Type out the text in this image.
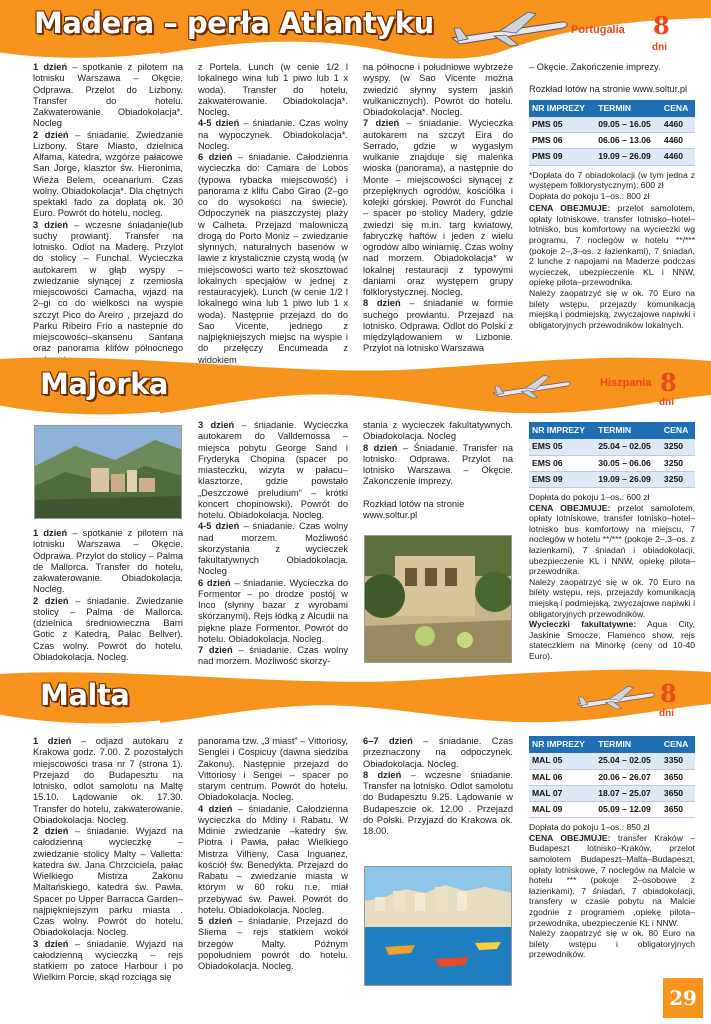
Madera – perła Atlantyku	Portugalia 8
dni

1 dzień – spotkanie z pilotem na lotnisku Warszawa – Okęcie. Odprawa. Przelot do Lizbony. Transfer do hotelu. Zakwaterowanie. Obiadokolacja*. Nocleg

2 dzień – śniadanie. Zwiedzanie Lizbony. Stare Miasto, dzielnica Alfama, katedra, wzgórze pałacowe San Jorge, klasztor św. Hieronima, Wieża Belem, oceanarium. Czas wolny. Obiadokolacja*. Dla chętnych spektakl fado za dopłatą ok. 30 Euro. Powrót do hotelu, nocleg.

3 dzień – wczesne śniadanie(lub suchy prowiant). Transfer na lotnisko. Odlot na Maderę. Przylot do stolicy – Funchal. Wycieczka autokarem w głąb wyspy – zwiedzanie słynącej z rzemiosła miejscowości Camacha, wjazd na 2–gi co do wielkości na wyspie szczyt Pico do Areiro , przejazd do Parku Ribeiro Frio a nastepnie do miejscowości–skansenu Santana oraz panorama klifów północnego

z Portela. Lunch (w cenie 1/2 l lokalnego wina lub 1 piwo lub 1 x woda). Transfer do hotelu, zakwaterowanie. Obiadokolacja*. Nocleg.

4-5 dzień – śniadanie. Czas wolny na wypoczynek. Obiadokolacja*. Nocleg.

6 dzień – śniadanie. Całodzienna wycieczka do: Camara de Lobos (typowa rybacka miejscowość) i panorama z klifu Cabo Girao (2–go co do wysokości na świecie). Odpoczynek na piaszczystej plaży w Calheta. Przejazd malowniczą drogą do Porto Moniz – zwiedzanie słynnych, naturalnych basenów w lawie z krystalicznie czystą wodą (w miejscowości warto też skosztować lokalnych specjałów w jednej z restauracyjek). Lunch (w cenie 1/2 l lokalnego wina lub 1 piwo lub 1 x woda). Następnie przejazd do do Sao Vicente, jednego z najpiękniejszych miejsc na wyspie i do przełęczy Encumeada z widokiem

na północne i południowe wybrzeże wyspy. (w Sao Vicente można zwiedzić słynny system jaskiń wulkanicznych). Powrót do hotelu. Obiadokolacja*. Nocleg.

7 dzień – śniadanie. Wycieczka autokarem na szczyt Eira do Serrado, gdzie w wygasłym wulkanie znajduje się maleńka wioska (panorama), a następnie do Monte – miejscowości słynącej z przepięknych ogrodów, kościółka i kolejki górskiej. Powrót do Funchal – spacer po stolicy Madery, gdzie zwiedzi się m.in. targ kwiatowy, fabryczkę haftów i jeden z wielu ogrodów albo winiarnię. Czas wolny nad morzem. Obiadokolacja* w lokalnej restauracji z typowymi daniami oraz występem grupy folklorystycznej. Nocleg.

8 dzień – śniadanie w formie suchego prowiantu. Przejazd na lotnisko. Odprawa. Odlot do Polski z międzylądowaniem w Lizbonie. Przylot na lotnisko Warszawa

– Okęcie. Zakończenie imprezy.

Rozkład lotów na stronie www.soltur.pl

NR IMPREZY	TERMIN	CENA
PMS 05	09.05 – 16.05	4460
PMS 06	06.06 – 13.06	4460
PMS 09	19.09 – 26.09	4460

*Dopłata do 7 obiadokolacji (w tym jedna z występem folklorystycznym): 600 zł

Dopłata do pokoju 1–os.: 800 zł

CENA OBEJMUJE: przelot samolotem, opłaty lotniskowe, transfer lotnisko–hotel–lotnisko, bus komfortowy na wycieczki wg programu, 7 noclegów w hotelu **/*** (pokoje 2–,3–os. z łazienkami), 7 śniadań, 2 lunche z napojami na Maderze podczas wycieczek, ubezpieczenie KL i NNW, opiekę pilota–przewodnika.

Należy zaopatrzyć się w ok. 70 Euro na bilety wstępu, przejazdy komunikacją miejską i podmiejską, zwyczajowe napiwki i obligatoryjnych przewodników lokalnych.

Majorka	Hiszpania 8
dni

1 dzień – spotkanie z pilotem na lotnisku Warszawa – Okęcie. Odprawa. Przylot do stolicy – Palma de Mallorca. Transfer do hotelu, zakwaterowanie. Obiadokolacja. Nocleg.

2 dzień – śniadanie. Zwiedzanie stolicy – Palma de Mallorca. (dzielnica średniowieczna Barri Gotic z Katedrą, Pałac Bellver). Czas wolny. Powrót do hotelu. Obiadokolacja. Nocleg.

3 dzień – śniadanie. Wycieczka autokarem do Valldemossa – miejsca pobytu George Sand i Fryderyka Chopina (spacer po miasteczku, wizyta w pałacu–klasztorze, gdzie powstało „Deszczowe preludium” – krótki koncert chopinowski). Powrót do hotelu. Obiadokolacja. Nocleg.

4-5 dzień – śniadanie. Czas wolny nad morzem. Możliwość skorzystania z wycieczek fakultatywnych Obiadokolacja. Nocleg

6 dzień – śniadanie. Wycieczka do Formentor – po drodze postój w Inco (słynny bazar z wyrobami skórzanymi). Rejs łódką z Alcudii na piękne plaże Formentor. Powrót do hotelu. Obiadokolacja. Nocleg.

7 dzień – śniadanie. Czas wolny nad morzem. Możliwość skorzy-

stania z wycieczek fakultatywnych. Obiadokolacja. Nocleg

8 dzień – Śniadanie. Transfer na lotnisko. Odprawa. Przylot na lotnisko Warszawa – Okęcie. Zakonczenie imprezy.

Rozkład lotów na stronie www.soltur.pl

NR IMPREZY	TERMIN	CENA
EMS 05	25.04 – 02.05	3250
EMS 06	30.05 – 06.06	3250
EMS 09	19.09 – 26.09	3250

Dopłata do pokoju 1–os.: 600 zł

CENA OBEJMUJE: przelot samolotem, opłaty lotniskowe, transfer lotnisko–hotel–lotnisko bus komfortowy na miejscu, 7 noclegów w hotelu **/*** (pokoje 2–,3–os. z łazienkami), 7 śniadań i obiadokolacji, ubezpieczenie KL i NNW, opiekę pilota–przewodnika.

Należy zaopatrzyć się w ok. 70 Euro na bilety wstępu, rejs, przejazdy komunikacją miejską i podmiejską, zwyczajowe napiwki i obligatoryjnych przewodników.

Wycieczki fakultatywne: Aqua City, Jaskinie Smocze, Flamenco show, rejs stateczkiem na Minorkę (ceny od 10-40 Euro).

Malta	8
dni

1 dzień – odjazd autokaru z Krakowa godz. 7.00. Z pozostałych miejscowości trasa nr 7 (strona 1). Przejazd do Budapesztu na lotnisko, odlot samolotu na Maltę 15.10. Lądowanie ok. 17.30. Transfer do hotelu, zakwaterowanie. Obiadokolacja. Nocleg.

2 dzień – śniadanie. Wyjazd na całodzienną wycieczkę – zwiedzanie stolicy Malty – Valletta: katedra św. Jana Chrzciciela, pałac Wielkiego Mistrza Zakonu Maltańskiego, katedra św. Pawła. Spacer po Upper Barracca Garden– najpiękniejszym parku miasta . Czas wolny. Powrót do hotelu. Obiadokolacja. Nocleg.

3 dzień – śniadanie. Wyjazd na całodzienną wycieczką – rejs statkiem po zatoce Harbour i po Wielkim Porcie, skąd rozciąga się

panorama tzw. „3 miast” – Vittoriosy, Senglei i Cospicuy (dawna siedziba Zakonu). Następnie przejazd do Vittoriosy i Sengei – spacer po starym centrum. Powrót do hotelu. Obiadokolacja. Nocleg.

4 dzień – śniadanie. Całodzienna wycieczka do Mdiny i Rabatu. W Mdinie zwiedzanie –katedry św. Piotra i Pawła, pałac Wielkiego Mistrza Vilheny, Casa Inguanez, kościół św. Benedykta. Przejazd do Rabatu – zwiedzanie miasta w którym w 60 roku n.e. miał przebywać św. Paweł. Powrót do hotelu. Obiadokolacja. Nocleg.

5 dzień – śniadanie. Przejazd do Sliema – rejs statkiem wokół brzegów Malty. Późnym popołudniem powrót do hotelu. Obiadokolacja. Nocleg.

6–7 dzień – śniadanie. Czas przeznaczony na odpoczynek. Obiadokolacja. Nocleg.

8 dzień – wczesne śniadanie. Transfer na lotnisko. Odlot samolotu do Budapesztu 9.25. Lądowanie w Budapeszcie ok. 12.00 . Przejazd do Polski. Przyjazd do Krakowa ok. 18.00.

NR IMPREZY	TERMIN	CENA
MAL 05	25.04 – 02.05	3350
MAL 06	20.06 – 26.07	3650
MAL 07	18.07 – 25.07	3650
MAL 09	05.09 – 12.09	3650

Dopłata do pokoju 1–os.: 850 zł

CENA OBEJMUJE: transfer Kraków – Budapeszt lotnisko–Kraków, przelot samolotem Budapeszt–Malta–Budapeszt, opłaty lotniskowe, 7 noclegów na Malcie w hotelu *** (pokoje 2–osobowe z łazienkami), 7 śniadań, 7 obiadokolacji, transfery w czasie pobytu na Malcie zgodnie z programem ,opiekę pilota–przewodnika, ubezpieczenie KL i NNW.

Należy zaopatrzyć się w ok. 80 Euro na bilety wstępu i obligatoryjnych przewodników.

29
